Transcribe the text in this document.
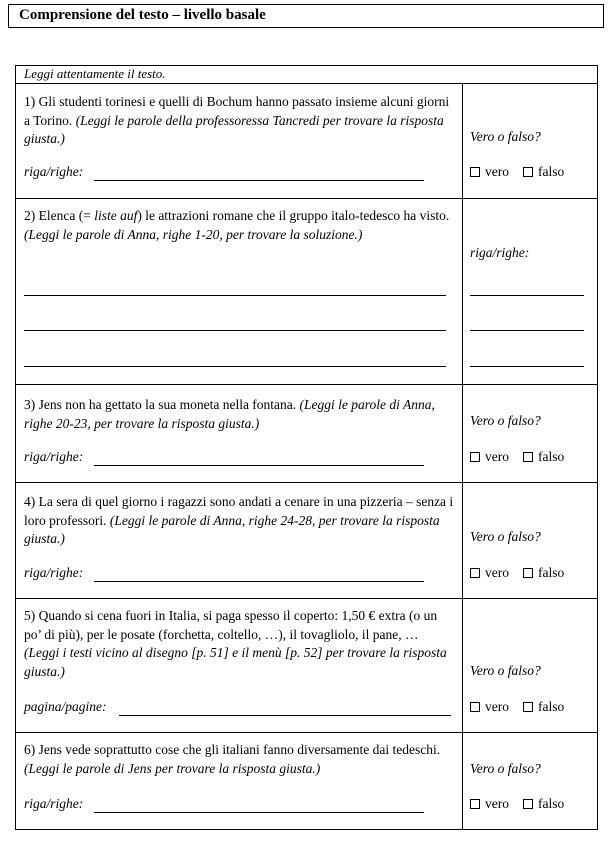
Comprensione del testo – livello basale
Leggi attentamente il testo.
1) Gli studenti torinesi e quelli di Bochum hanno passato insieme alcuni giorni a Torino. (Leggi le parole della professoressa Tancredi per trovare la risposta giusta.)
riga/righe:
Vero o falso?
vero falso
2) Elenca (= liste auf) le attrazioni romane che il gruppo italo-tedesco ha visto. (Leggi le parole di Anna, righe 1-20, per trovare la soluzione.)
riga/righe:
3) Jens non ha gettato la sua moneta nella fontana. (Leggi le parole di Anna, righe 20-23, per trovare la risposta giusta.)
riga/righe:
Vero o falso?
vero falso
4) La sera di quel giorno i ragazzi sono andati a cenare in una pizzeria – senza i loro professori. (Leggi le parole di Anna, righe 24-28, per trovare la risposta giusta.)
riga/righe:
Vero o falso?
vero falso
5) Quando si cena fuori in Italia, si paga spesso il coperto: 1,50 € extra (o un po’ di più), per le posate (forchetta, coltello, …), il tovagliolo, il pane, … (Leggi i testi vicino al disegno [p. 51] e il menù [p. 52] per trovare la risposta giusta.)
pagina/pagine:
Vero o falso?
vero falso
6) Jens vede soprattutto cose che gli italiani fanno diversamente dai tedeschi. (Leggi le parole di Jens per trovare la risposta giusta.)
riga/righe:
Vero o falso?
vero falso
